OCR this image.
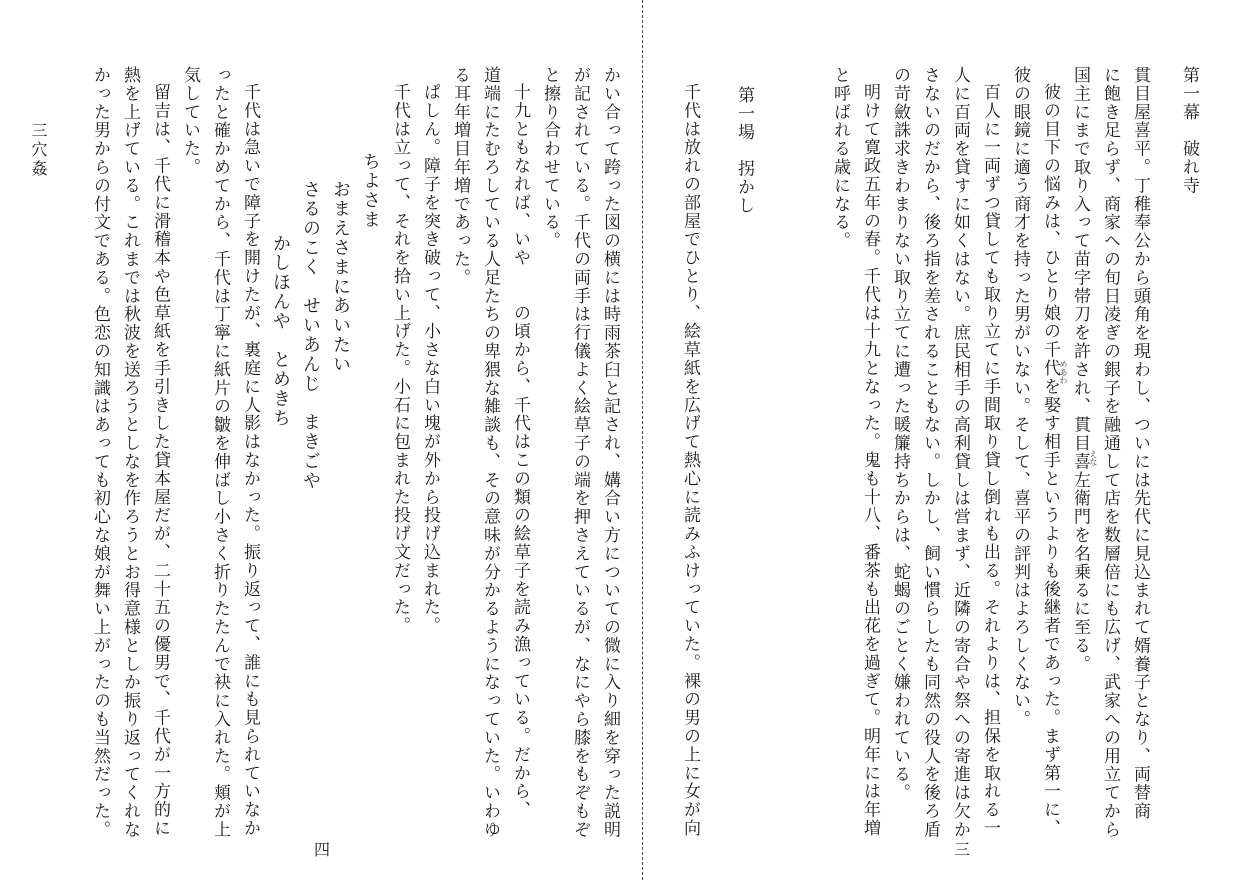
かい合って跨った図の横には時雨茶臼と記され、媾合い方についての微に入り細を穿った説明
が記されている。千代の両手は行儀よく絵草子の端を押さえているが、なにやら膝をもぞもぞ
と擦り合わせている。
十九ともなれば、いや　　の頃から、千代はこの類の絵草子を読み漁っている。だから、
道端にたむろしている人足たちの卑猥な雑談も、その意味が分かるようになっていた。いわゆ
る耳年増目年増であった。
ぱしん。障子を突き破って、小さな白い塊が外から投げ込まれた。
千代は立って、それを拾い上げた。小石に包まれた投げ文だった。
ちよさま
おまえさまにあいたい
さるのこく　せいあんじ　まきごや
かしほんや　とめきち
千代は急いで障子を開けたが、裏庭に人影はなかった。振り返って、誰にも見られていなか
ったと確かめてから、千代は丁寧に紙片の皺を伸ばし小さく折りたたんで袂に入れた。頬が上
気していた。
留吉は、千代に滑稽本や色草紙を手引きした貸本屋だが、二十五の優男で、千代が一方的に
熱を上げている。これまでは秋波を送ろうとしなを作ろうとお得意様としか振り返ってくれな
かった男からの付文である。色恋の知識はあっても初心な娘が舞い上がったのも当然だった。
三穴姦	第一幕　破れ寺
貫目屋喜平。丁稚奉公から頭角を現わし、ついには先代に見込まれて婿養子となり、両替商
に飽き足らず、商家への旬日凌ぎの銀子を融通して店を数層倍にも広げ、武家への用立てから
国主にまで取り入って苗字帯刀を許され、貫目喜左衛門を名乗るに至る。
彼の目下の悩みは、ひとり娘の千代を娶す相手というよりも後継者であった。まず第一に、
彼の眼鏡に適う商才を持った男がいない。そして、喜平の評判はよろしくない。
百人に一両ずつ貸しても取り立てに手間取り貸し倒れも出る。それよりは、担保を取れる一
人に百両を貸すに如くはない。庶民相手の高利貸しは営まず、近隣の寄合や祭への寄進は欠か
さないのだから、後ろ指を差されることもない。しかし、飼い慣らしたも同然の役人を後ろ盾
の苛斂誅求きわまりない取り立てに遭った暖簾持ちからは、蛇蝎のごとく嫌われている。
明けて寛政五年の春。千代は十九となった。鬼も十八、番茶も出花を過ぎて。明年には年増
と呼ばれる歳になる。
第一場　拐かし
千代は放れの部屋でひとり、絵草紙を広げて熱心に読みふけっていた。裸の男の上に女が向	えな
めあわ
四	三
